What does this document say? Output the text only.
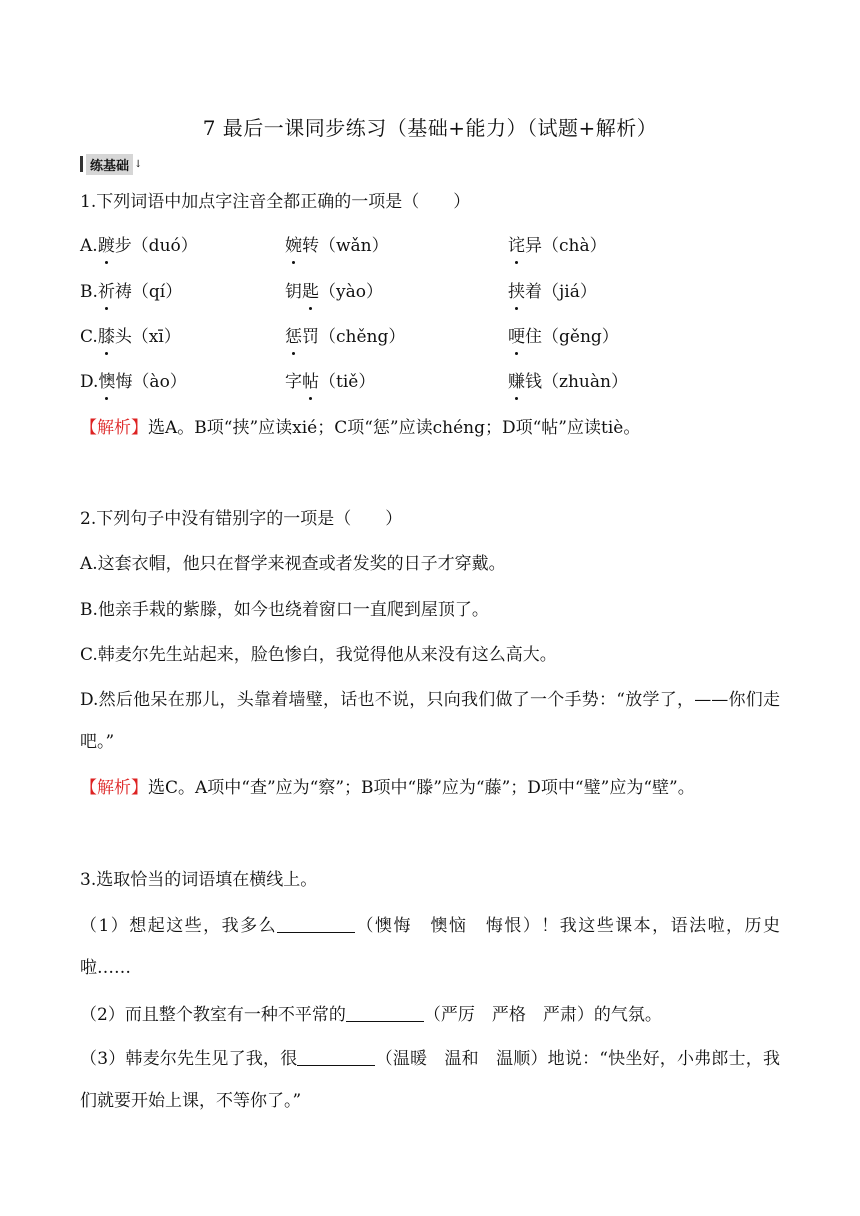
7 最后一课同步练习（基础+能力）（试题+解析）
练基础 ↓
1.下列词语中加点字注音全都正确的一项是（　　）
A.踱步（duó）	婉转（wǎn）	诧异（chà）
B.祈祷（qí）	钥匙（yào）	挟着（jiá）
C.膝头（xī）	惩罚（chěng）	哽住（gěng）
D.懊悔（ào）	字帖（tiě）	赚钱（zhuàn）
【解析】选A。B项“挟”应读xié；C项“惩”应读chéng；D项“帖”应读tiè。
2.下列句子中没有错别字的一项是（　　）
A.这套衣帽，他只在督学来视查或者发奖的日子才穿戴。
B.他亲手栽的紫滕，如今也绕着窗口一直爬到屋顶了。
C.韩麦尔先生站起来，脸色惨白，我觉得他从来没有这么高大。
D.然后他呆在那儿，头靠着墙璧，话也不说，只向我们做了一个手势：“放学了，——你们走吧。”
【解析】选C。A项中“查”应为“察”；B项中“滕”应为“藤”；D项中“璧”应为“壁”。
3.选取恰当的词语填在横线上。
（1）想起这些，我多么	（懊悔　懊恼　悔恨）！我这些课本，语法啦，历史啦……
（2）而且整个教室有一种不平常的	（严厉　严格　严肃）的气氛。
（3）韩麦尔先生见了我，很	（温暖　温和　温顺）地说：“快坐好，小弗郎士，我们就要开始上课，不等你了。”
